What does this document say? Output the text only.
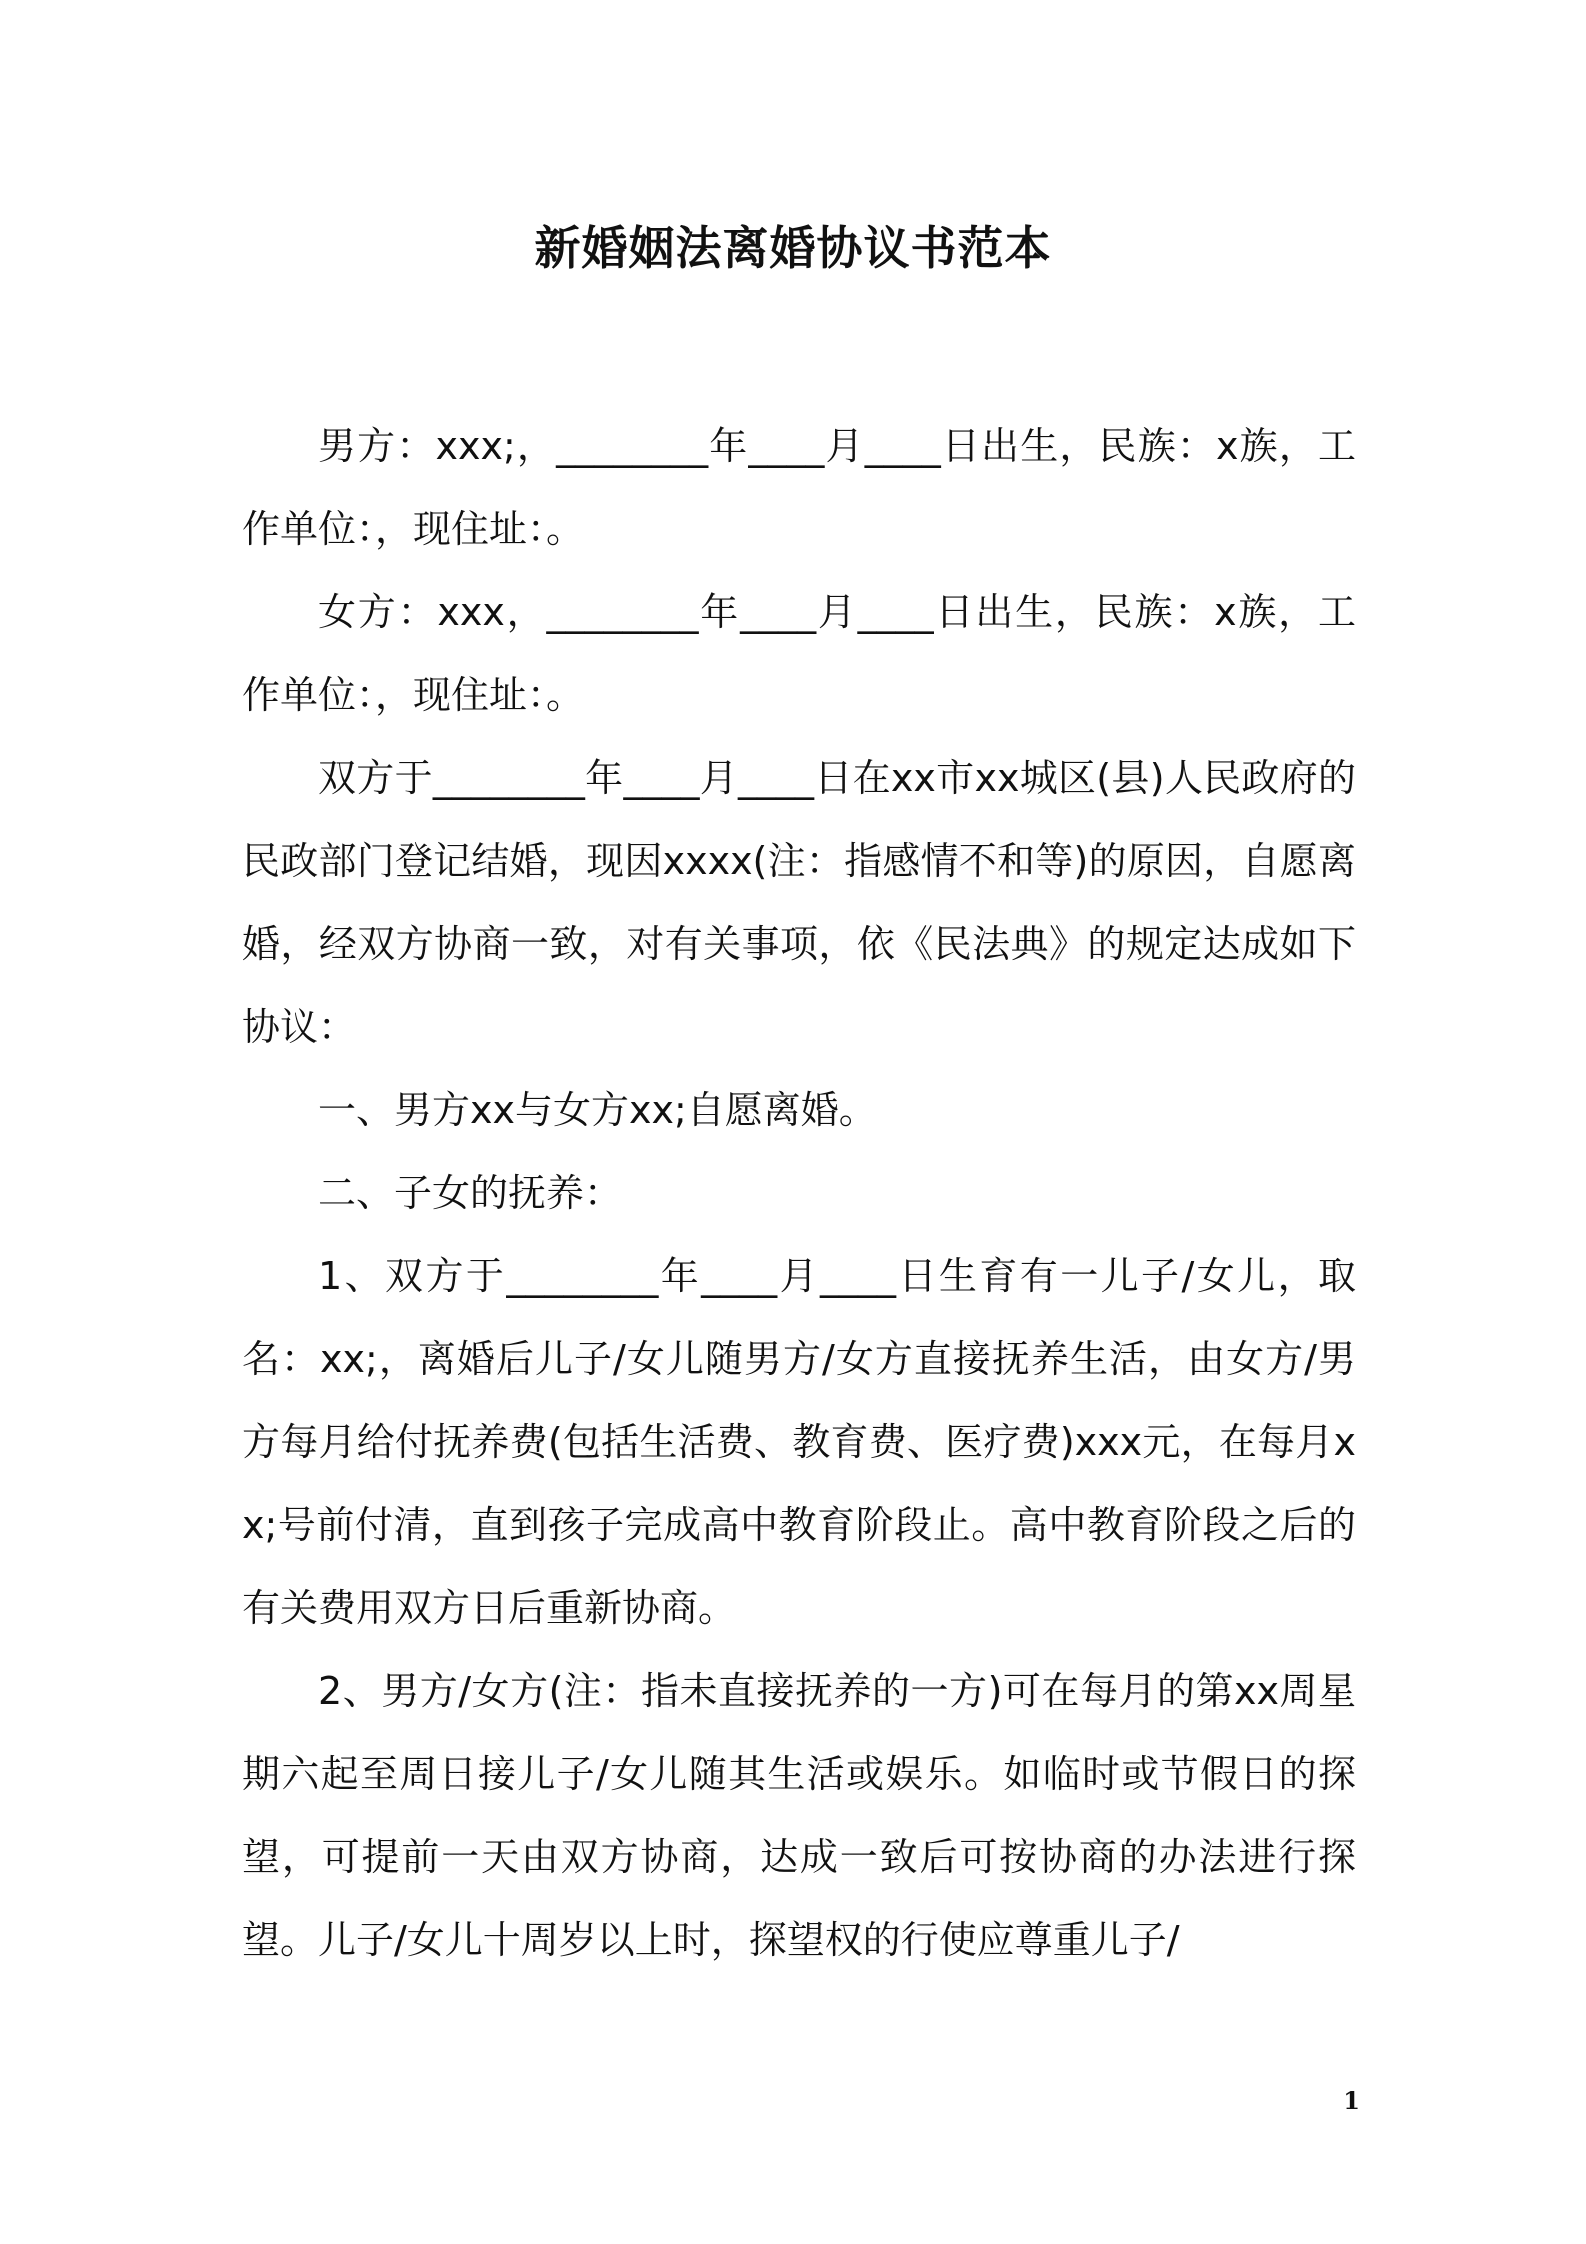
新婚姻法离婚协议书范本

男方：xxx;，________年____月____日出生，民族：x族，工作单位：，现住址：。

女方：xxx，________年____月____日出生，民族：x族，工作单位：，现住址：。

双方于________年____月____日在xx市xx城区(县)人民政府的民政部门登记结婚，现因xxxx(注：指感情不和等)的原因，自愿离婚，经双方协商一致，对有关事项，依《民法典》的规定达成如下协议：

一、男方xx与女方xx;自愿离婚。

二、子女的抚养：

1、双方于________年____月____日生育有一儿子/女儿，取名：xx;，离婚后儿子/女儿随男方/女方直接抚养生活，由女方/男方每月给付抚养费(包括生活费、教育费、医疗费)xxx元，在每月xx;号前付清，直到孩子完成高中教育阶段止。高中教育阶段之后的有关费用双方日后重新协商。

2、男方/女方(注：指未直接抚养的一方)可在每月的第xx周星期六起至周日接儿子/女儿随其生活或娱乐。如临时或节假日的探望，可提前一天由双方协商，达成一致后可按协商的办法进行探望。儿子/女儿十周岁以上时，探望权的行使应尊重儿子/

1
